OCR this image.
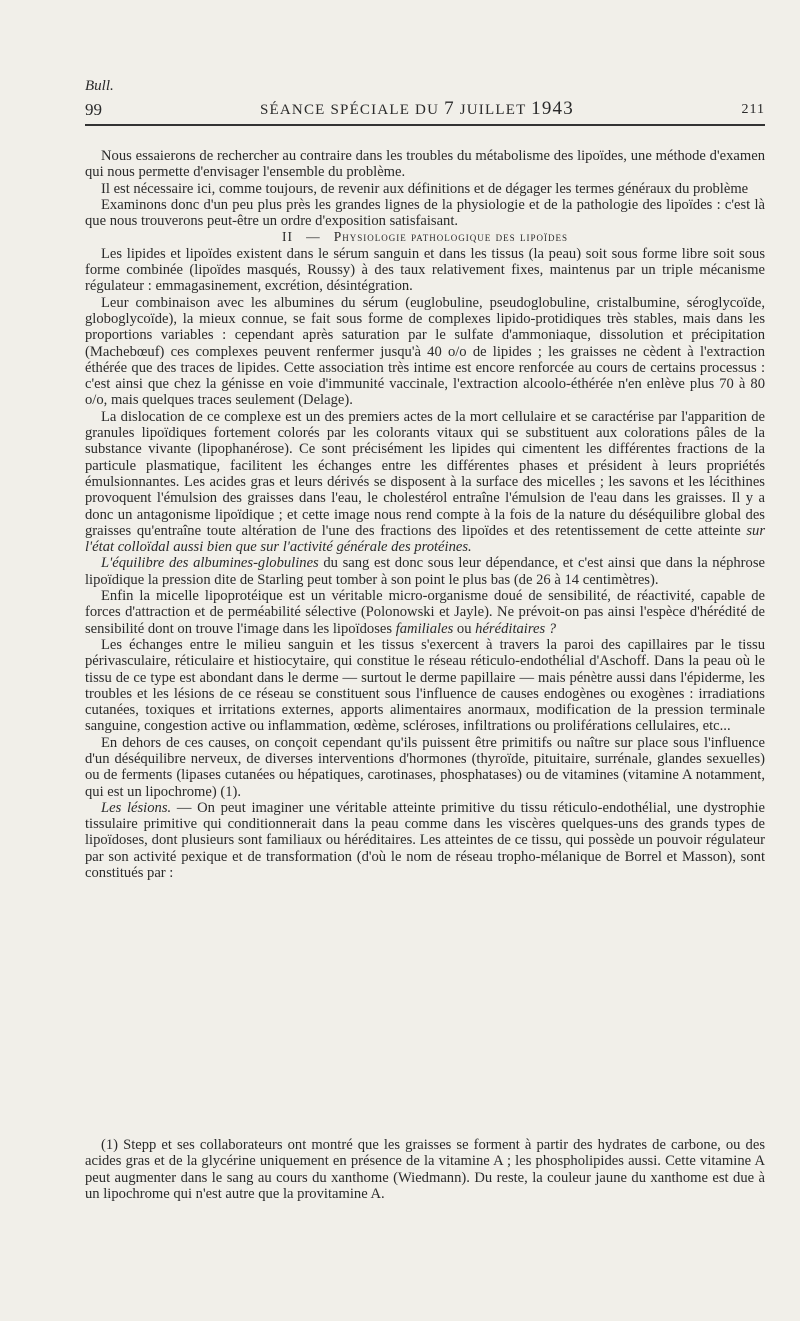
Bull.
99	SÉANCE SPÉCIALE DU 7 JUILLET 1943	211

Nous essaierons de rechercher au contraire dans les troubles du métabolisme des lipoïdes, une méthode d'examen qui nous permette d'envisager l'ensemble du problème.

Il est nécessaire ici, comme toujours, de revenir aux définitions et de dégager les termes généraux du problème

Examinons donc d'un peu plus près les grandes lignes de la physiologie et de la pathologie des lipoïdes : c'est là que nous trouverons peut-être un ordre d'exposition satisfaisant.

II — Physiologie pathologique des lipoïdes

Les lipides et lipoïdes existent dans le sérum sanguin et dans les tissus (la peau) soit sous forme libre soit sous forme combinée (lipoïdes masqués, Roussy) à des taux relativement fixes, maintenus par un triple mécanisme régulateur : emmagasinement, excrétion, désintégration.

Leur combinaison avec les albumines du sérum (euglobuline, pseudoglobuline, cristalbumine, séroglycoïde, globoglycoïde), la mieux connue, se fait sous forme de complexes lipido-protidiques très stables, mais dans les proportions variables : cependant après saturation par le sulfate d'ammoniaque, dissolution et précipitation (Machebœuf) ces complexes peuvent renfermer jusqu'à 40 o/o de lipides ; les graisses ne cèdent à l'extraction éthérée que des traces de lipides. Cette association très intime est encore renforcée au cours de certains processus : c'est ainsi que chez la génisse en voie d'immunité vaccinale, l'extraction alcoolo-éthérée n'en enlève plus 70 à 80 o/o, mais quelques traces seulement (Delage).

La dislocation de ce complexe est un des premiers actes de la mort cellulaire et se caractérise par l'apparition de granules lipoïdiques fortement colorés par les colorants vitaux qui se substituent aux colorations pâles de la substance vivante (lipophanérose). Ce sont précisément les lipides qui cimentent les différentes fractions de la particule plasmatique, facilitent les échanges entre les différentes phases et président à leurs propriétés émulsionnantes. Les acides gras et leurs dérivés se disposent à la surface des micelles ; les savons et les lécithines provoquent l'émulsion des graisses dans l'eau, le cholestérol entraîne l'émulsion de l'eau dans les graisses. Il y a donc un antagonisme lipoïdique ; et cette image nous rend compte à la fois de la nature du déséquilibre global des graisses qu'entraîne toute altération de l'une des fractions des lipoïdes et des retentissement de cette atteinte sur l'état colloïdal aussi bien que sur l'activité générale des protéines.

L'équilibre des albumines-globulines du sang est donc sous leur dépendance, et c'est ainsi que dans la néphrose lipoïdique la pression dite de Starling peut tomber à son point le plus bas (de 26 à 14 centimètres).

Enfin la micelle lipoprotéique est un véritable micro-organisme doué de sensibilité, de réactivité, capable de forces d'attraction et de perméabilité sélective (Polonowski et Jayle). Ne prévoit-on pas ainsi l'espèce d'hérédité de sensibilité dont on trouve l'image dans les lipoïdoses familiales ou héréditaires ?

Les échanges entre le milieu sanguin et les tissus s'exercent à travers la paroi des capillaires par le tissu périvasculaire, réticulaire et histiocytaire, qui constitue le réseau réticulo-endothélial d'Aschoff. Dans la peau où le tissu de ce type est abondant dans le derme — surtout le derme papillaire — mais pénètre aussi dans l'épiderme, les troubles et les lésions de ce réseau se constituent sous l'influence de causes endogènes ou exogènes : irradiations cutanées, toxiques et irritations externes, apports alimentaires anormaux, modification de la pression terminale sanguine, congestion active ou inflammation, œdème, scléroses, infiltrations ou proliférations cellulaires, etc...

En dehors de ces causes, on conçoit cependant qu'ils puissent être primitifs ou naître sur place sous l'influence d'un déséquilibre nerveux, de diverses interventions d'hormones (thyroïde, pituitaire, surrénale, glandes sexuelles) ou de ferments (lipases cutanées ou hépatiques, carotinases, phosphatases) ou de vitamines (vitamine A notamment, qui est un lipochrome) (1).

Les lésions. — On peut imaginer une véritable atteinte primitive du tissu réticulo-endothélial, une dystrophie tissulaire primitive qui conditionnerait dans la peau comme dans les viscères quelques-uns des grands types de lipoïdoses, dont plusieurs sont familiaux ou héréditaires. Les atteintes de ce tissu, qui possède un pouvoir régulateur par son activité pexique et de transformation (d'où le nom de réseau tropho-mélanique de Borrel et Masson), sont constitués par :

(1) Stepp et ses collaborateurs ont montré que les graisses se forment à partir des hydrates de carbone, ou des acides gras et de la glycérine uniquement en présence de la vitamine A ; les phospholipides aussi. Cette vitamine A peut augmenter dans le sang au cours du xanthome (Wiedmann). Du reste, la couleur jaune du xanthome est due à un lipochrome qui n'est autre que la provitamine A.
